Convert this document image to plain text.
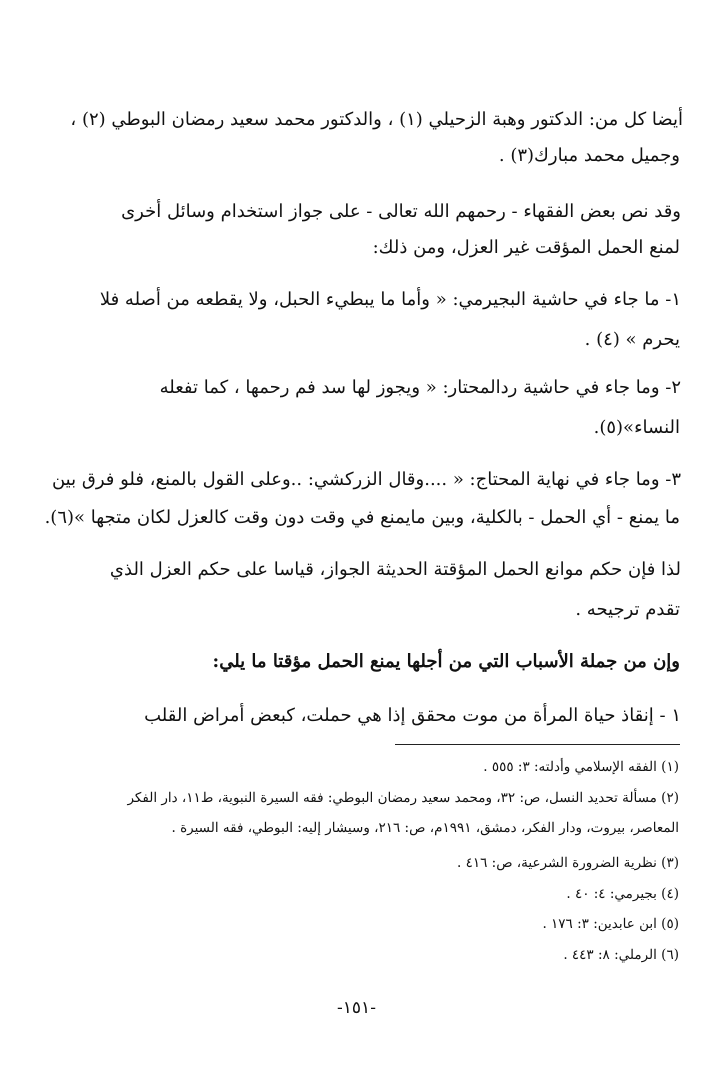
أيضا كل من: الدكتور وهبة الزحيلي (١) ، والدكتور محمد سعيد رمضان البوطي (٢) ،
وجميل محمد مبارك(٣) .
وقد نص بعض الفقهاء - رحمهم الله تعالى - على جواز استخدام وسائل أخرى
لمنع الحمل المؤقت غير العزل، ومن ذلك:
١- ما جاء في حاشية البجيرمي: « وأما ما يبطيء الحبل، ولا يقطعه من أصله فلا
يحرم » (٤) .
٢- وما جاء في حاشية ردالمحتار: « ويجوز لها سد فم رحمها ، كما تفعله
النساء»(٥).
٣- وما جاء في نهاية المحتاج: « ....وقال الزركشي: ..وعلى القول بالمنع، فلو فرق بين
ما يمنع - أي الحمل - بالكلية، وبين مايمنع في وقت دون وقت كالعزل لكان متجها »(٦).
لذا فإن حكم موانع الحمل المؤقتة الحديثة الجواز، قياسا على حكم العزل الذي
تقدم ترجيحه .
وإن من جملة الأسباب التي من أجلها يمنع الحمل مؤقتا ما يلي:
١ - إنقاذ حياة المرأة من موت محقق إذا هي حملت، كبعض أمراض القلب
(١) الفقه الإسلامي وأدلته: ٣: ٥٥٥ .
(٢) مسألة تحديد النسل، ص: ٣٢، ومحمد سعيد رمضان البوطي: فقه السيرة النبوية، ط١١، دار الفكر
المعاصر، بيروت، ودار الفكر، دمشق، ١٩٩١م، ص: ٢١٦، وسيشار إليه: البوطي، فقه السيرة .
(٣) نظرية الضرورة الشرعية، ص: ٤١٦ .
(٤) بجيرمي: ٤: ٤٠ .
(٥) ابن عابدين: ٣: ١٧٦ .
(٦) الرملي: ٨: ٤٤٣ .
-١٥١-
